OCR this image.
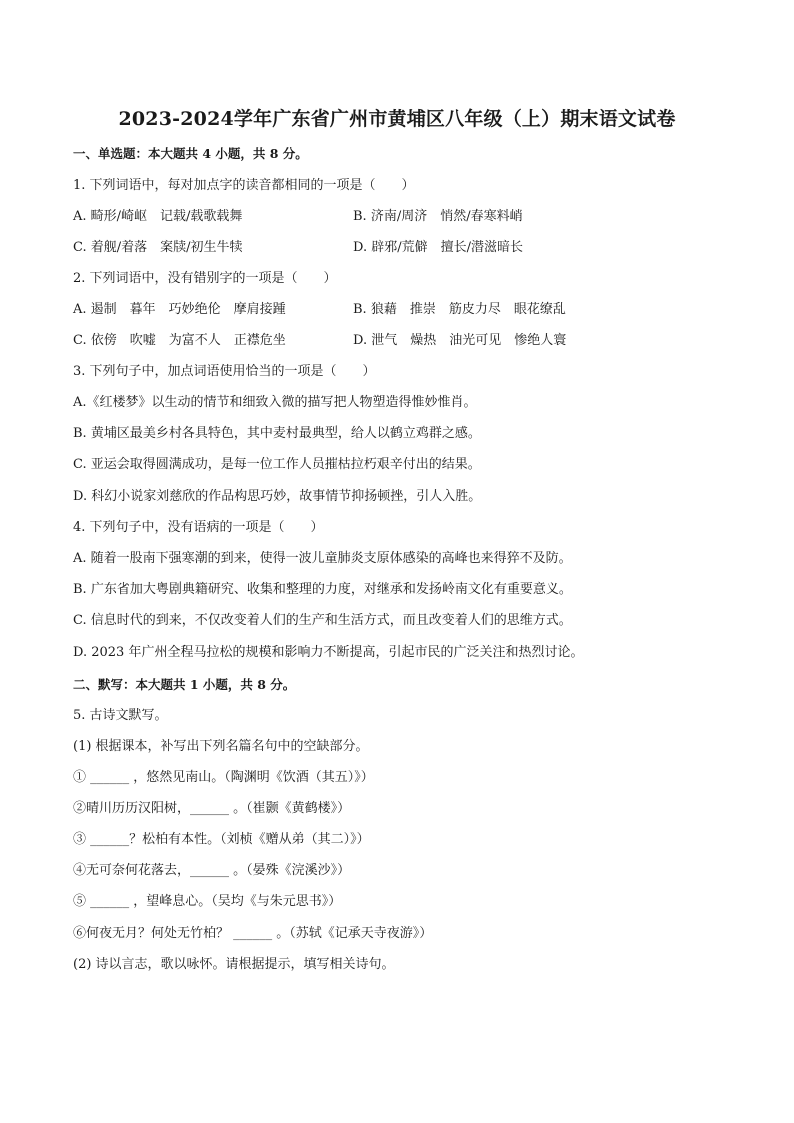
2023-2024学年广东省广州市黄埔区八年级（上）期末语文试卷
一、单选题：本大题共 4 小题，共 8 分。
1. 下列词语中，每对加点字的读音都相同的一项是（　　）
A. 畸形/崎岖　记载/载歌载舞	B. 济南/周济　悄然/春寒料峭
C. 着舰/着落　案牍/初生牛犊	D. 辟邪/荒僻　擅长/潜滋暗长
2. 下列词语中，没有错别字的一项是（　　）
A. 遏制　暮年　巧妙绝伦　摩肩接踵	B. 狼藉　推崇　筋皮力尽　眼花缭乱
C. 依傍　吹嘘　为富不人　正襟危坐	D. 泄气　燥热　油光可见　惨绝人寰
3. 下列句子中，加点词语使用恰当的一项是（　　）
A.《红楼梦》以生动的情节和细致入微的描写把人物塑造得惟妙惟肖。
B. 黄埔区最美乡村各具特色，其中麦村最典型，给人以鹤立鸡群之感。
C. 亚运会取得圆满成功，是每一位工作人员摧枯拉朽艰辛付出的结果。
D. 科幻小说家刘慈欣的作品构思巧妙，故事情节抑扬顿挫，引人入胜。
4. 下列句子中，没有语病的一项是（　　）
A. 随着一股南下强寒潮的到来，使得一波儿童肺炎支原体感染的高峰也来得猝不及防。
B. 广东省加大粤剧典籍研究、收集和整理的力度，对继承和发扬岭南文化有重要意义。
C. 信息时代的到来，不仅改变着人们的生产和生活方式，而且改变着人们的思维方式。
D. 2023 年广州全程马拉松的规模和影响力不断提高，引起市民的广泛关注和热烈讨论。
二、默写：本大题共 1 小题，共 8 分。
5. 古诗文默写。
(1) 根据课本，补写出下列名篇名句中的空缺部分。
① ______ ，悠然见南山。（陶渊明《饮酒（其五）》）
②晴川历历汉阳树，______ 。（崔颢《黄鹤楼》）
③ ______？松柏有本性。（刘桢《赠从弟（其二）》）
④无可奈何花落去，______ 。（晏殊《浣溪沙》）
⑤ ______ ，望峰息心。（吴均《与朱元思书》）
⑥何夜无月？何处无竹柏？ ______ 。（苏轼《记承天寺夜游》）
(2) 诗以言志，歌以咏怀。请根据提示，填写相关诗句。
